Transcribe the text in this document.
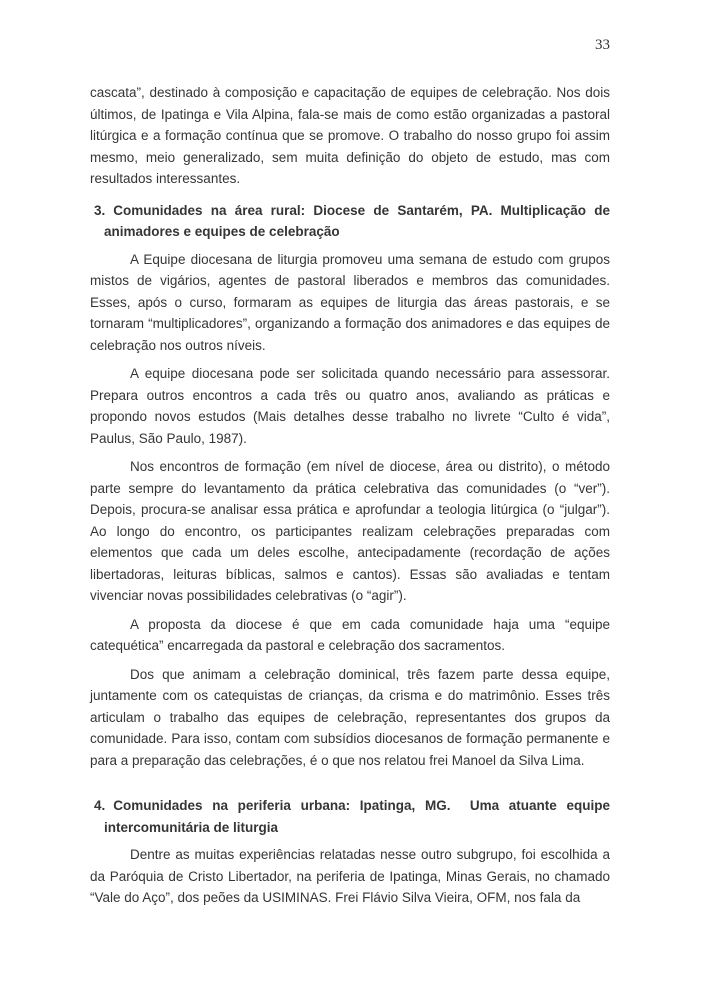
33

cascata”, destinado à composição e capacitação de equipes de celebração. Nos dois últimos, de Ipatinga e Vila Alpina, fala-se mais de como estão organizadas a pastoral litúrgica e a formação contínua que se promove. O trabalho do nosso grupo foi assim mesmo, meio generalizado, sem muita definição do objeto de estudo, mas com resultados interessantes.

3. Comunidades na área rural: Diocese de Santarém, PA. Multiplicação de animadores e equipes de celebração

A Equipe diocesana de liturgia promoveu uma semana de estudo com grupos mistos de vigários, agentes de pastoral liberados e membros das comunidades. Esses, após o curso, formaram as equipes de liturgia das áreas pastorais, e se tornaram “multiplicadores”, organizando a formação dos animadores e das equipes de celebração nos outros níveis.

A equipe diocesana pode ser solicitada quando necessário para assessorar. Prepara outros encontros a cada três ou quatro anos, avaliando as práticas e propondo novos estudos (Mais detalhes desse trabalho no livrete “Culto é vida”, Paulus, São Paulo, 1987).

Nos encontros de formação (em nível de diocese, área ou distrito), o método parte sempre do levantamento da prática celebrativa das comunidades (o “ver”). Depois, procura-se analisar essa prática e aprofundar a teologia litúrgica (o “julgar”). Ao longo do encontro, os participantes realizam celebrações preparadas com elementos que cada um deles escolhe, antecipadamente (recordação de ações libertadoras, leituras bíblicas, salmos e cantos). Essas são avaliadas e tentam vivenciar novas possibilidades celebrativas (o “agir”).

A proposta da diocese é que em cada comunidade haja uma “equipe catequética” encarregada da pastoral e celebração dos sacramentos.

Dos que animam a celebração dominical, três fazem parte dessa equipe, juntamente com os catequistas de crianças, da crisma e do matrimônio. Esses três articulam o trabalho das equipes de celebração, representantes dos grupos da comunidade. Para isso, contam com subsídios diocesanos de formação permanente e para a preparação das celebrações, é o que nos relatou frei Manoel da Silva Lima.

4. Comunidades na periferia urbana: Ipatinga, MG.  Uma atuante equipe intercomunitária de liturgia

Dentre as muitas experiências relatadas nesse outro subgrupo, foi escolhida a da Paróquia de Cristo Libertador, na periferia de Ipatinga, Minas Gerais, no chamado “Vale do Aço”, dos peões da USIMINAS. Frei Flávio Silva Vieira, OFM, nos fala da
